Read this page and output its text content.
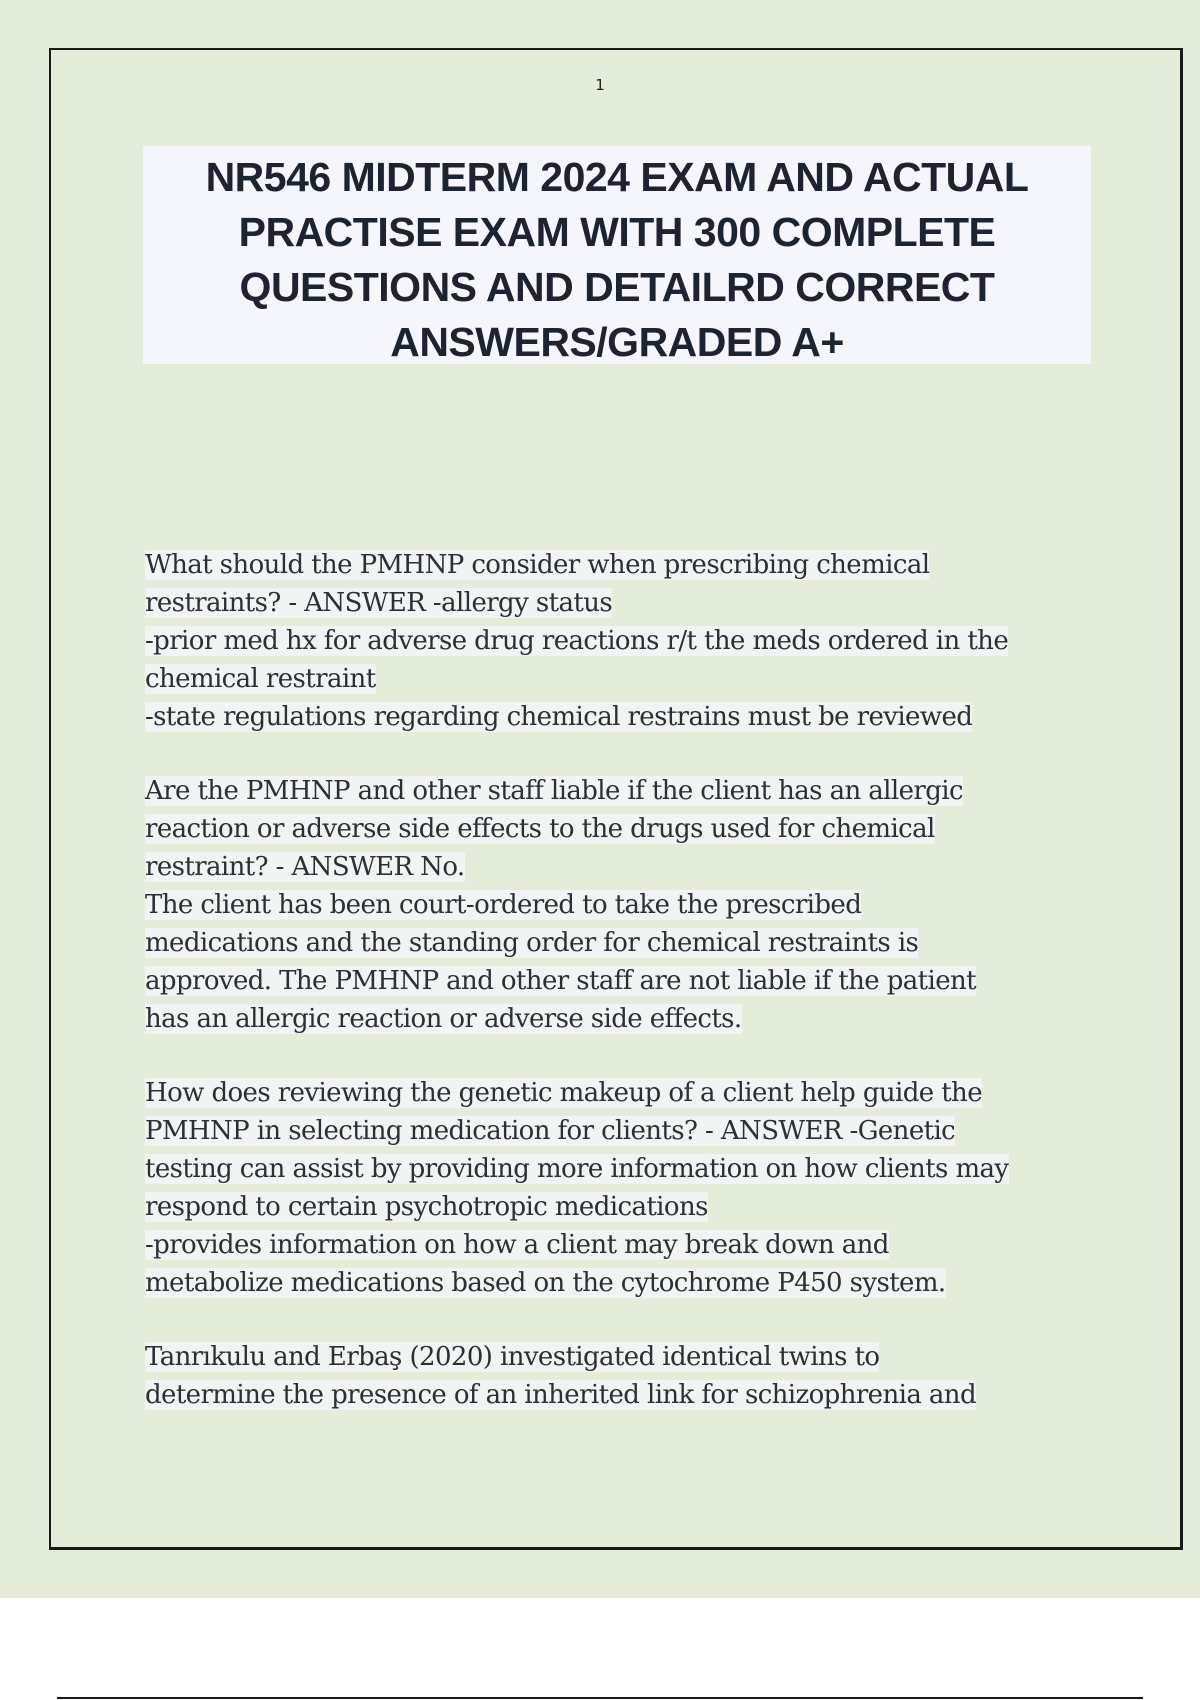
1
NR546 MIDTERM 2024 EXAM AND ACTUAL
PRACTISE EXAM WITH 300 COMPLETE
QUESTIONS AND DETAILRD CORRECT
ANSWERS/GRADED A+
What should the PMHNP consider when prescribing chemical
restraints? - ANSWER -allergy status
-prior med hx for adverse drug reactions r/t the meds ordered in the
chemical restraint
-state regulations regarding chemical restrains must be reviewed
Are the PMHNP and other staff liable if the client has an allergic
reaction or adverse side effects to the drugs used for chemical
restraint? - ANSWER No.
The client has been court-ordered to take the prescribed
medications and the standing order for chemical restraints is
approved. The PMHNP and other staff are not liable if the patient
has an allergic reaction or adverse side effects.
How does reviewing the genetic makeup of a client help guide the
PMHNP in selecting medication for clients? - ANSWER -Genetic
testing can assist by providing more information on how clients may
respond to certain psychotropic medications
-provides information on how a client may break down and
metabolize medications based on the cytochrome P450 system.
Tanrıkulu and Erbaş (2020) investigated identical twins to
determine the presence of an inherited link for schizophrenia and
